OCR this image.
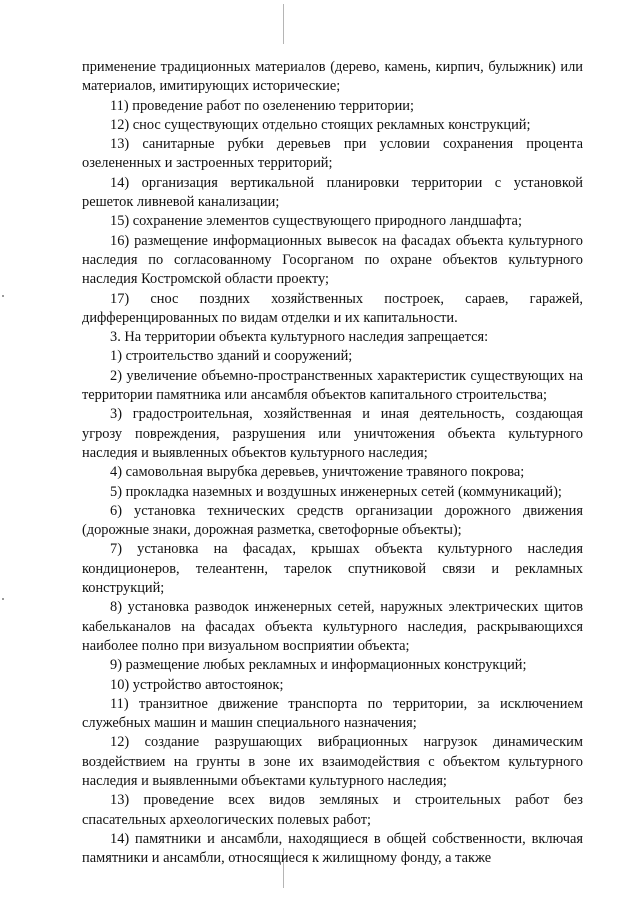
применение традиционных материалов (дерево, камень, кирпич, булыжник) или материалов, имитирующих исторические;

11) проведение работ по озеленению территории;

12) снос существующих отдельно стоящих рекламных конструкций;

13) санитарные рубки деревьев при условии сохранения процента озелененных и застроенных территорий;

14) организация вертикальной планировки территории с установкой решеток ливневой канализации;

15) сохранение элементов существующего природного ландшафта;

16) размещение информационных вывесок на фасадах объекта культурного наследия по согласованному Госорганом по охране объектов культурного наследия Костромской области проекту;

17) снос поздних хозяйственных построек, сараев, гаражей, дифференцированных по видам отделки и их капитальности.

3. На территории объекта культурного наследия запрещается:

1) строительство зданий и сооружений;

2) увеличение объемно-пространственных характеристик существующих на территории памятника или ансамбля объектов капитального строительства;

3) градостроительная, хозяйственная и иная деятельность, создающая угрозу повреждения, разрушения или уничтожения объекта культурного наследия и выявленных объектов культурного наследия;

4) самовольная вырубка деревьев, уничтожение травяного покрова;

5) прокладка наземных и воздушных инженерных сетей (коммуникаций);

6) установка технических средств организации дорожного движения (дорожные знаки, дорожная разметка, светофорные объекты);

7) установка на фасадах, крышах объекта культурного наследия кондиционеров, телеантенн, тарелок спутниковой связи и рекламных конструкций;

8) установка разводок инженерных сетей, наружных электрических щитов кабельканалов на фасадах объекта культурного наследия, раскрывающихся наиболее полно при визуальном восприятии объекта;

9) размещение любых рекламных и информационных конструкций;

10) устройство автостоянок;

11) транзитное движение транспорта по территории, за исключением служебных машин и машин специального назначения;

12) создание разрушающих вибрационных нагрузок динамическим воздействием на грунты в зоне их взаимодействия с объектом культурного наследия и выявленными объектами культурного наследия;

13) проведение всех видов земляных и строительных работ без спасательных археологических полевых работ;

14) памятники и ансамбли, находящиеся в общей собственности, включая памятники и ансамбли, относящиеся к жилищному фонду, а также
